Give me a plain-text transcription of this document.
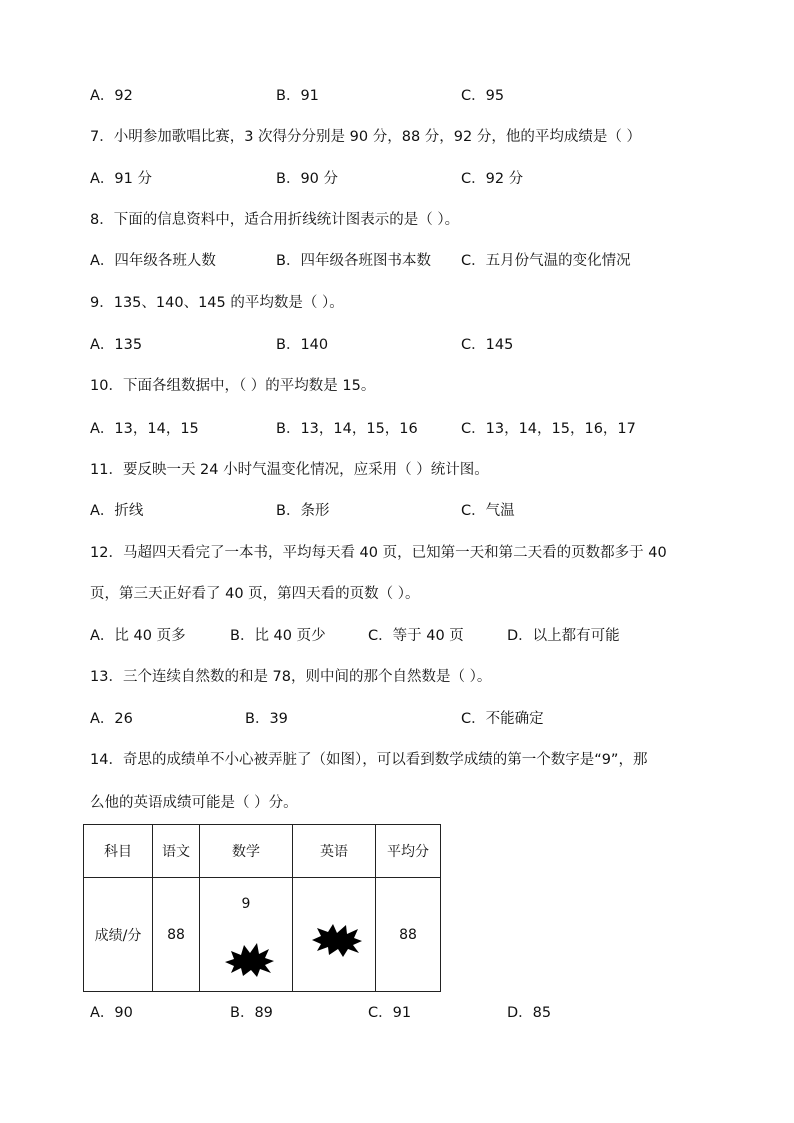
A．92	B．91	C．95
7．小明参加歌唱比赛，3 次得分分别是 90 分，88 分，92 分，他的平均成绩是（ ）
A．91 分	B．90 分	C．92 分
8．下面的信息资料中，适合用折线统计图表示的是（ ）。
A．四年级各班人数	B．四年级各班图书本数 C．五月份气温的变化情况
9．135、140、145 的平均数是（ ）。
A．135	B．140	C．145
10．下面各组数据中，（ ）的平均数是 15。
A．13，14，15	B．13，14，15，16	C．13，14，15，16，17
11．要反映一天 24 小时气温变化情况，应采用（ ）统计图。
A．折线	B．条形	C．气温
12．马超四天看完了一本书，平均每天看 40 页，已知第一天和第二天看的页数都多于 40
页，第三天正好看了 40 页，第四天看的页数（ ）。
A．比 40 页多	B．比 40 页少	C．等于 40 页	D．以上都有可能
13．三个连续自然数的和是 78，则中间的那个自然数是（ ）。
A．26	B．39	C．不能确定
14．奇思的成绩单不小心被弄脏了（如图），可以看到数学成绩的第一个数字是“9”，那
么他的英语成绩可能是（ ）分。
科目	语文	数学	英语	平均分
成绩/分	88	9		88
A．90	B．89	C．91	D．85
